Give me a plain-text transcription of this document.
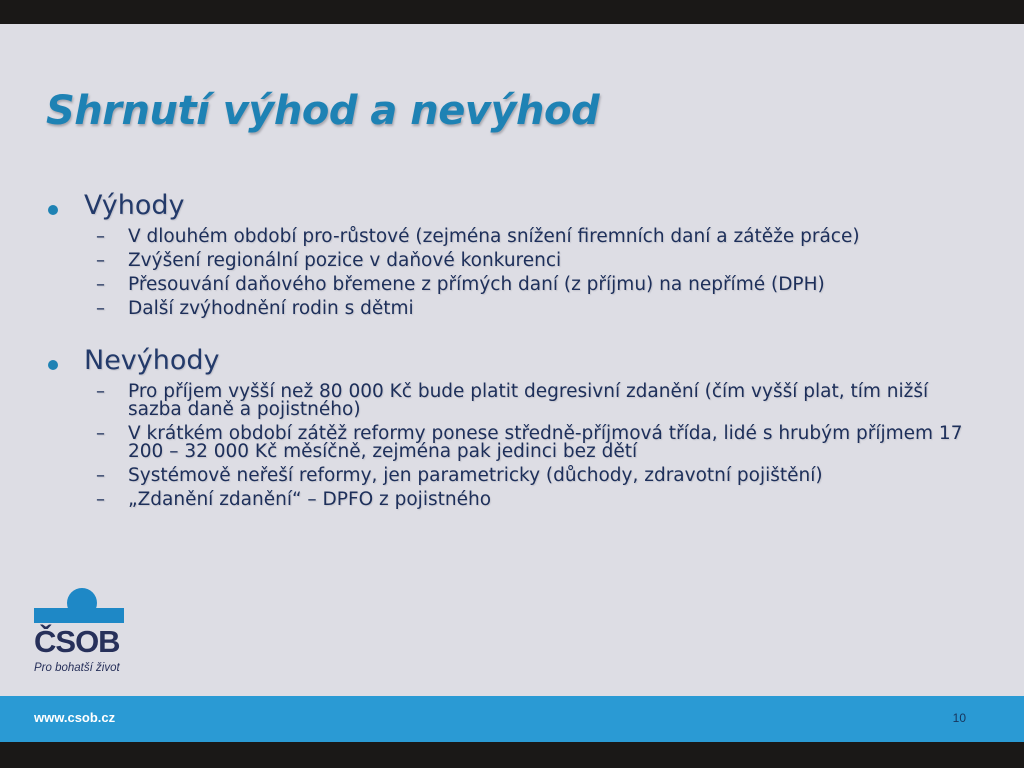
Shrnutí výhod a nevýhod
Výhody
– V dlouhém období pro-růstové (zejména snížení firemních daní a zátěže práce)
– Zvýšení regionální pozice v daňové konkurenci
– Přesouvání daňového břemene z přímých daní (z příjmu) na nepřímé (DPH)
– Další zvýhodnění rodin s dětmi
Nevýhody
– Pro příjem vyšší než 80 000 Kč bude platit degresivní zdanění (čím vyšší plat, tím nižší sazba daně a pojistného)
– V krátkém období zátěž reformy ponese středně-příjmová třída, lidé s hrubým příjmem 17 200 – 32 000 Kč měsíčně, zejména pak jedinci bez dětí
– Systémově neřeší reformy, jen parametricky (důchody, zdravotní pojištění)
– „Zdanění zdanění“ – DPFO z pojistného
ČSOB
Pro bohatší život
www.csob.cz	10
